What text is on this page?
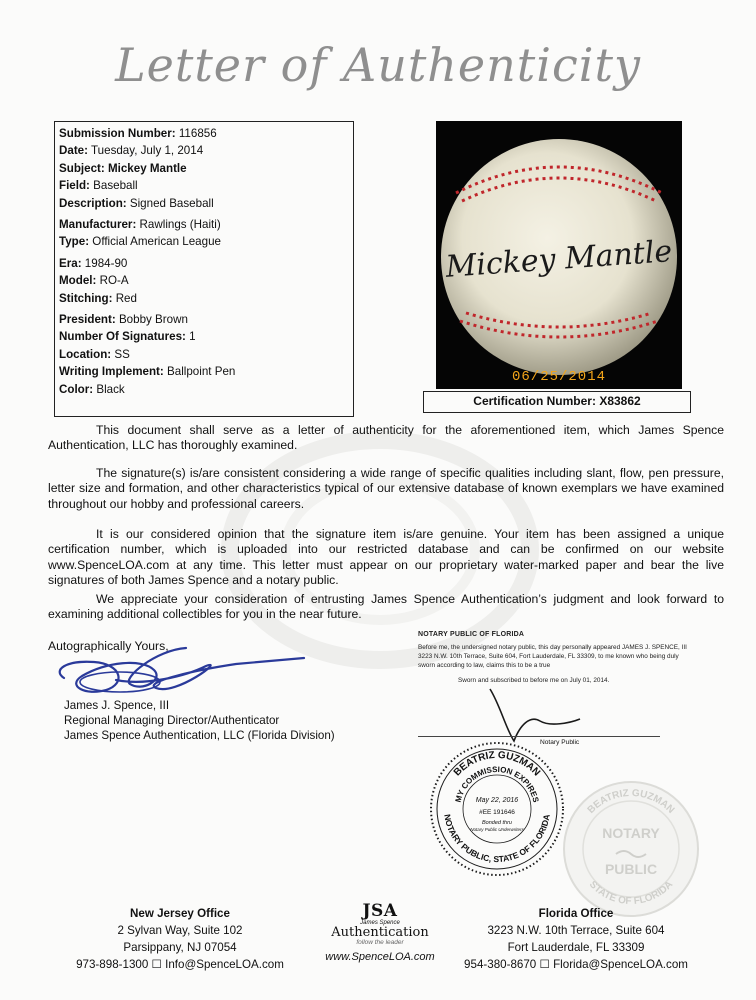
Letter of Authenticity
Submission Number: 116856
Date: Tuesday, July 1, 2014
Subject: Mickey Mantle
Field: Baseball
Description: Signed Baseball
Manufacturer: Rawlings (Haiti)
Type: Official American League
Era: 1984-90
Model: RO-A
Stitching: Red
President: Bobby Brown
Number Of Signatures: 1
Location: SS
Writing Implement: Ballpoint Pen
Color: Black
Mickey Mantle
06/25/2014
Certification Number: X83862

This document shall serve as a letter of authenticity for the aforementioned item, which James Spence Authentication, LLC has thoroughly examined.

The signature(s) is/are consistent considering a wide range of specific qualities including slant, flow, pen pressure, letter size and formation, and other characteristics typical of our extensive database of known exemplars we have examined throughout our hobby and professional careers.

It is our considered opinion that the signature item is/are genuine. Your item has been assigned a unique certification number, which is uploaded into our restricted database and can be confirmed on our website www.SpenceLOA.com at any time. This letter must appear on our proprietary water-marked paper and bear the live signatures of both James Spence and a notary public.

We appreciate your consideration of entrusting James Spence Authentication’s judgment and look forward to examining additional collectibles for you in the near future.

Autographically Yours,
James J. Spence, III
Regional Managing Director/Authenticator
James Spence Authentication, LLC (Florida Division)
NOTARY PUBLIC OF FLORIDA
Before me, the undersigned notary public, this day personally appeared JAMES J. SPENCE, III 3223 N.W. 10th Terrace, Suite 604, Fort Lauderdale, FL 33309, to me known who being duly sworn according to law, claims this to be a true
Sworn and subscribed to before me on July 01, 2014.
Notary Public
BEATRIZ GUZMAN
MY COMMISSION EXPIRES
NOTARY PUBLIC, STATE OF FLORIDA
May 22, 2016
#EE 191646
Bonded thru
Notary Public Underwriters
BEATRIZ GUZMAN
STATE OF FLORIDA
NOTARY
PUBLIC
New Jersey Office
2 Sylvan Way, Suite 102
Parsippany, NJ 07054
973-898-1300 ☐ Info@SpenceLOA.com
JSA
James Spence
Authentication
follow the leader
www.SpenceLOA.com
Florida Office
3223 N.W. 10th Terrace, Suite 604
Fort Lauderdale, FL 33309
954-380-8670 ☐ Florida@SpenceLOA.com
